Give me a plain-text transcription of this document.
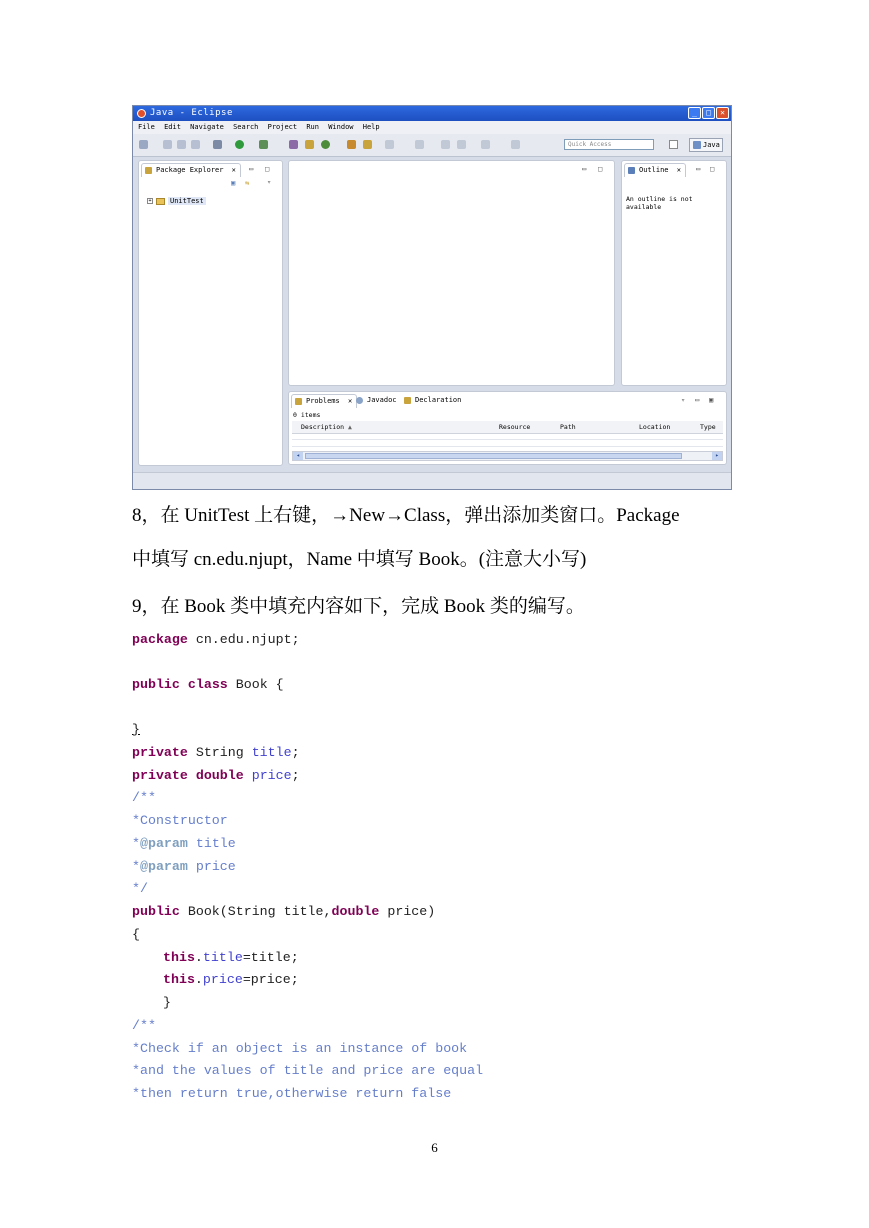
Java - Eclipse	_	□	✕
File Edit Navigate Search Project Run Window Help
Quick Access	Java
Package Explorer ✕	▭ □
▣ ⇆	▿
+	UnitTest
▭ □	Outline ✕	▭ □
An outline is not available
Problems ✕	Javadoc	Declaration	▿ ▭ ▣
0 items
Description ▲	Resource	Path	Location	Type
◂	▸
8，在 UnitTest 上右键，→New→Class，弹出添加类窗口。Package
中填写 cn.edu.njupt，Name 中填写 Book。(注意大小写)
9，在 Book 类中填充内容如下，完成 Book 类的编写。
package cn.edu.njupt;
public class Book {
}
private String title;
private double price;
/**
*Constructor
*@param title
*@param price
*/
public Book(String title,double price)
{
this.title=title;
this.price=price;
}
/**
*Check if an object is an instance of book
*and the values of title and price are equal
*then return true,otherwise return false
6
